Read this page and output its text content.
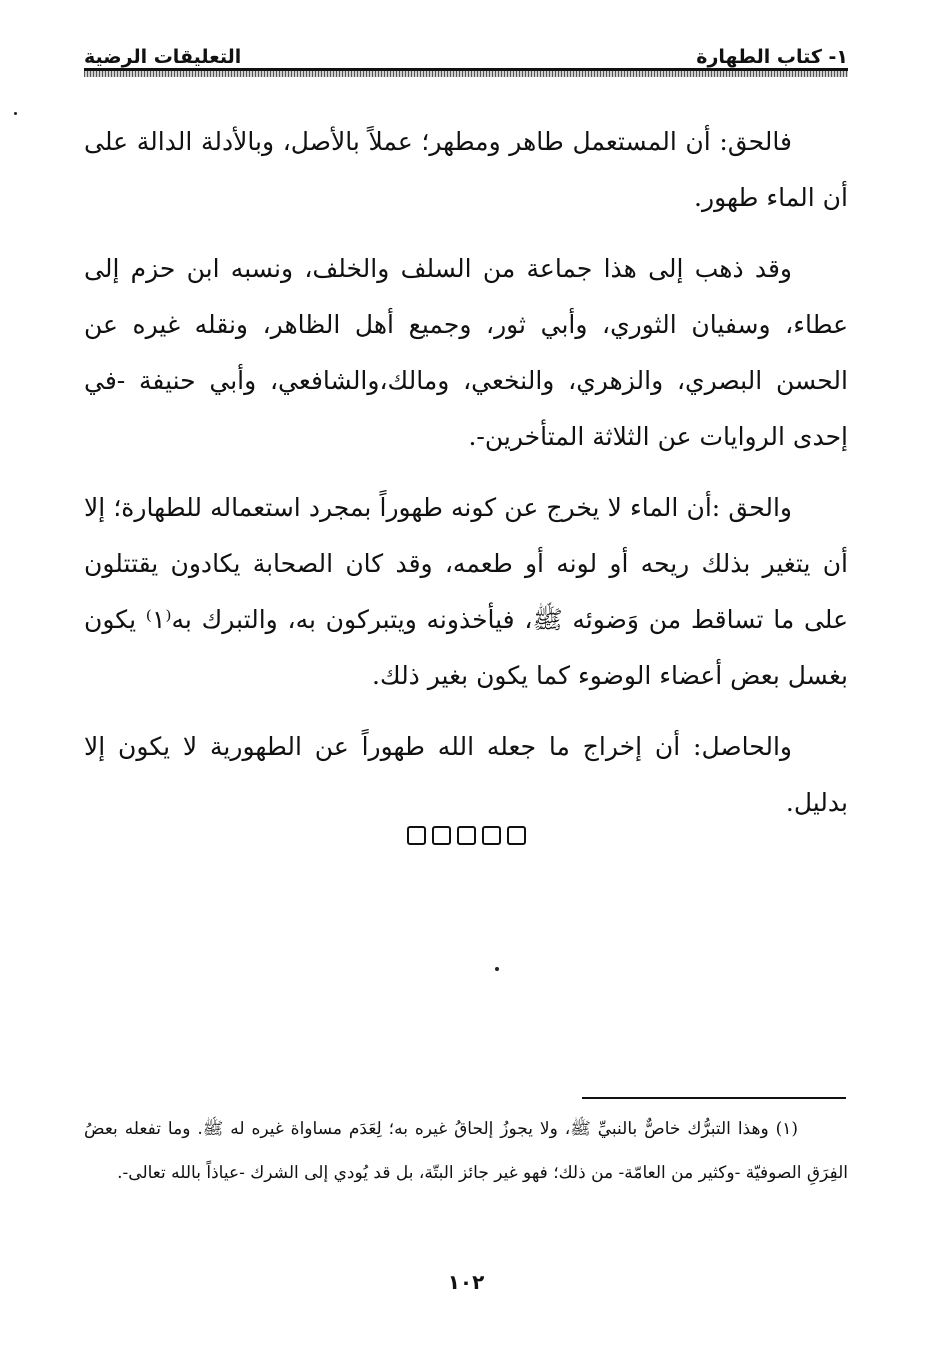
١- كتاب الطهارة
التعليقات الرضية

فالحق: أن المستعمل طاهر ومطهر؛ عملاً بالأصل، وبالأدلة الدالة على أن الماء طهور.

وقد ذهب إلى هذا جماعة من السلف والخلف، ونسبه ابن حزم إلى عطاء، وسفيان الثوري، وأبي ثور، وجميع أهل الظاهر، ونقله غيره عن الحسن البصري، والزهري، والنخعي، ومالك،والشافعي، وأبي حنيفة -في إحدى الروايات عن الثلاثة المتأخرين-.

والحق :أن الماء لا يخرج عن كونه طهوراً بمجرد استعماله للطهارة؛ إلا أن يتغير بذلك ريحه أو لونه أو طعمه، وقد كان الصحابة يكادون يقتتلون على ما تساقط من وَضوئه ﷺ، فيأخذونه ويتبركون به، والتبرك به⁽١⁾ يكون بغسل بعض أعضاء الوضوء كما يكون بغير ذلك.

والحاصل: أن إخراج ما جعله الله طهوراً عن الطهورية لا يكون إلا بدليل.

(١) وهذا التبرُّك خاصٌّ بالنبيِّ ﷺ، ولا يجوزُ إلحاقُ غيره به؛ لِعَدَم مساواة غيره له ﷺ. وما تفعله بعضُ الفِرَقِ الصوفيّة -وكثير من العامّة- من ذلك؛ فهو غير جائز البتّة، بل قد يُودي إلى الشرك -عياذاً بالله تعالى-.

١٠٢
